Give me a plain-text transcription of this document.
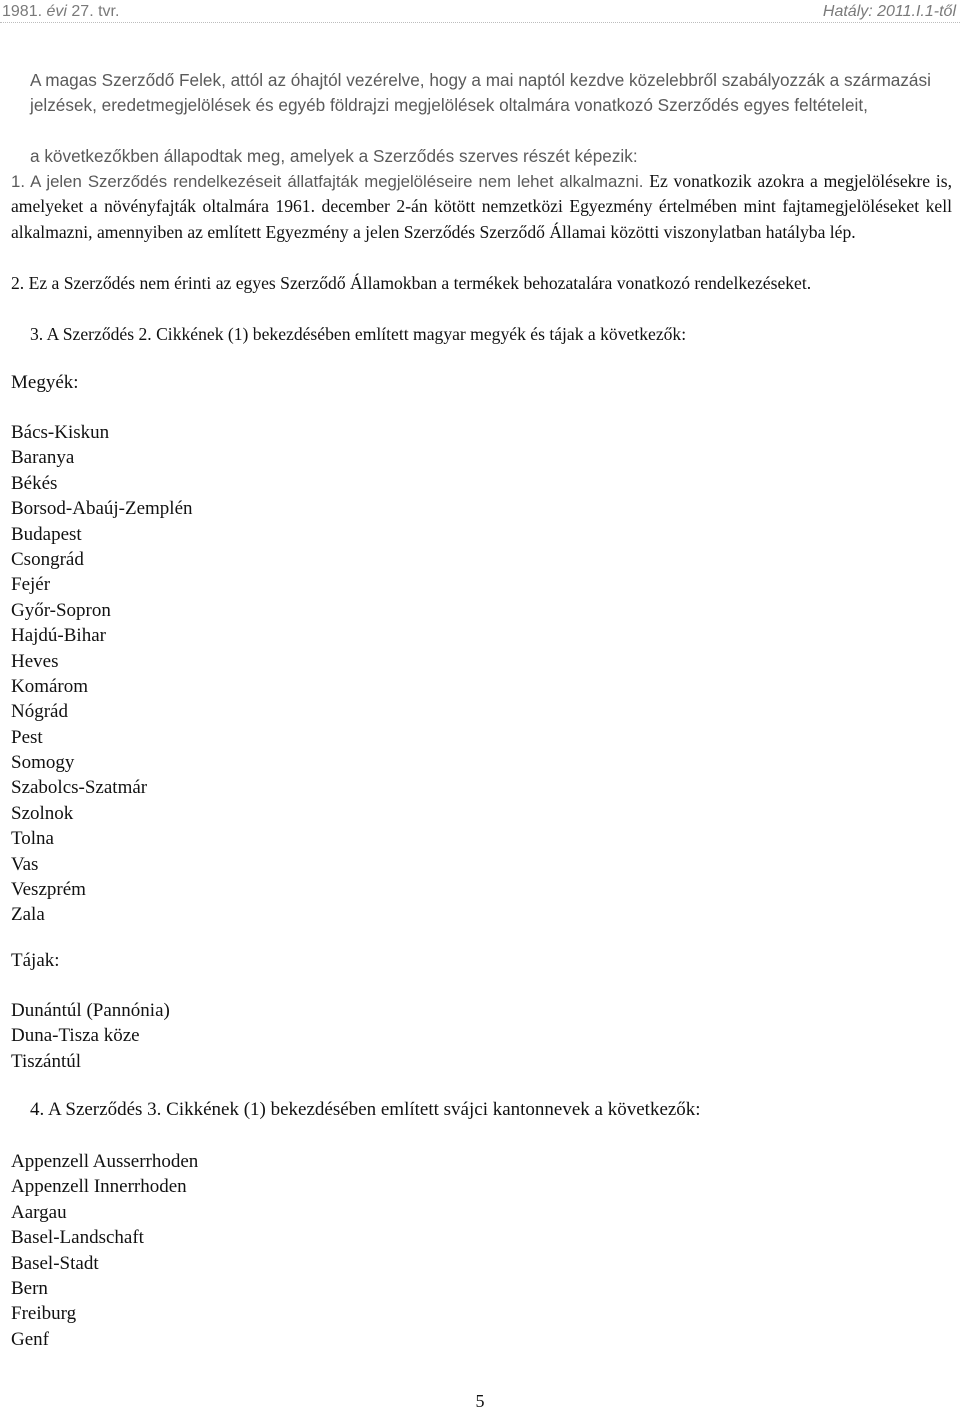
1981. évi 27. tvr.	Hatály: 2011.I.1-től

A magas Szerződő Felek, attól az óhajtól vezérelve, hogy a mai naptól kezdve közelebbről szabályozzák a származási jelzések, eredetmegjelölések és egyéb földrajzi megjelölések oltalmára vonatkozó Szerződés egyes feltételeit,

a következőkben állapodtak meg, amelyek a Szerződés szerves részét képezik:

1. A jelen Szerződés rendelkezéseit állatfajták megjelöléseire nem lehet alkalmazni. Ez vonatkozik azokra a megjelölésekre is, amelyeket a növényfajták oltalmára 1961. december 2-án kötött nemzetközi Egyezmény értelmében mint fajtamegjelöléseket kell alkalmazni, amennyiben az említett Egyezmény a jelen Szerződés Szerződő Államai közötti viszonylatban hatályba lép.

2. Ez a Szerződés nem érinti az egyes Szerződő Államokban a termékek behozatalára vonatkozó rendelkezéseket.

3. A Szerződés 2. Cikkének (1) bekezdésében említett magyar megyék és tájak a következők:

Megyék:

Bács-Kiskun
Baranya
Békés
Borsod-Abaúj-Zemplén
Budapest
Csongrád
Fejér
Győr-Sopron
Hajdú-Bihar
Heves
Komárom
Nógrád
Pest
Somogy
Szabolcs-Szatmár
Szolnok
Tolna
Vas
Veszprém
Zala

Tájak:

Dunántúl (Pannónia)
Duna-Tisza köze
Tiszántúl

4. A Szerződés 3. Cikkének (1) bekezdésében említett svájci kantonnevek a következők:

Appenzell Ausserrhoden
Appenzell Innerrhoden
Aargau
Basel-Landschaft
Basel-Stadt
Bern
Freiburg
Genf
5
